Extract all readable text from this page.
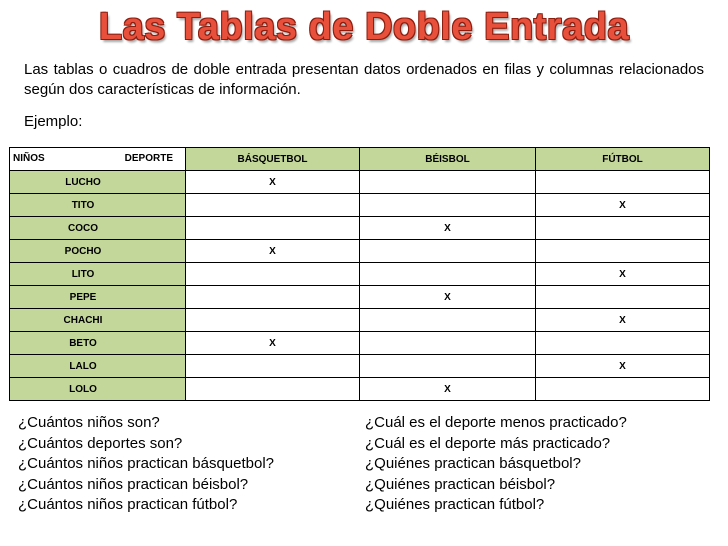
Las Tablas de Doble Entrada
Las tablas o cuadros de doble entrada presentan datos ordenados en filas y columnas relacionados según dos características de información.
Ejemplo:
NIÑOS DEPORTE	BÁSQUETBOL	BÉISBOL	FÚTBOL
LUCHO	X		
TITO			X
COCO		X	
POCHO	X		
LITO			X
PEPE		X	
CHACHI			X
BETO	X		
LALO			X
LOLO		X	
¿Cuántos niños son?
¿Cuántos deportes son?
¿Cuántos niños practican básquetbol?
¿Cuántos niños practican béisbol?
¿Cuántos niños practican fútbol?
¿Cuál es el deporte menos practicado?
¿Cuál es el deporte más practicado?
¿Quiénes practican básquetbol?
¿Quiénes practican béisbol?
¿Quiénes practican fútbol?
